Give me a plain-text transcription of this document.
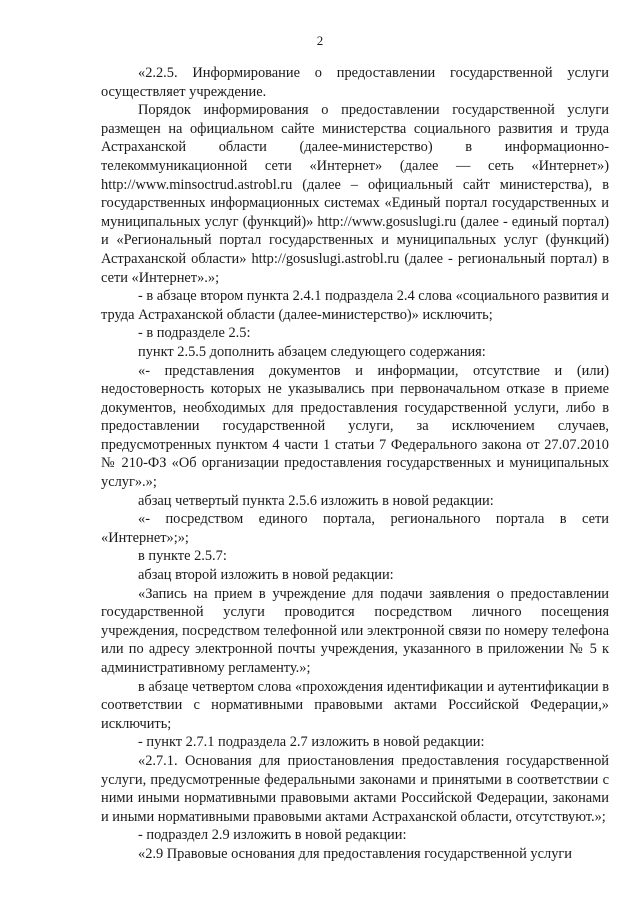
2

«2.2.5. Информирование о предоставлении государственной услуги осуществляет учреждение.

Порядок информирования о предоставлении государственной услуги размещен на официальном сайте министерства социального развития и труда Астраханской области (далее-министерство) в информационно-телекоммуникационной сети «Интернет» (далее — сеть «Интернет») http://www.minsoctrud.astrobl.ru (далее – официальный сайт министерства), в государственных информационных системах «Единый портал государственных и муниципальных услуг (функций)» http://www.gosuslugi.ru (далее - единый портал) и «Региональный портал государственных и муниципальных услуг (функций) Астраханской области» http://gosuslugi.astrobl.ru (далее - региональный портал) в сети «Интернет».»;

- в абзаце втором пункта 2.4.1 подраздела 2.4 слова «социального развития и труда Астраханской области (далее-министерство)» исключить;

- в подразделе 2.5:

пункт 2.5.5 дополнить абзацем следующего содержания:

«- представления документов и информации, отсутствие и (или) недостоверность которых не указывались при первоначальном отказе в приеме документов, необходимых для предоставления государственной услуги, либо в предоставлении государственной услуги, за исключением случаев, предусмотренных пунктом 4 части 1 статьи 7 Федерального закона от 27.07.2010 № 210-ФЗ «Об организации предоставления государственных и муниципальных услуг».»;

абзац четвертый пункта 2.5.6 изложить в новой редакции:

«- посредством единого портала, регионального портала в сети «Интернет»;»;

в пункте 2.5.7:

абзац второй изложить в новой редакции:

«Запись на прием в учреждение для подачи заявления о предоставлении государственной услуги проводится посредством личного посещения учреждения, посредством телефонной или электронной связи по номеру телефона или по адресу электронной почты учреждения, указанного в приложении № 5 к административному регламенту.»;

в абзаце четвертом слова «прохождения идентификации и аутентификации в соответствии с нормативными правовыми актами Российской Федерации,» исключить;

- пункт 2.7.1 подраздела 2.7 изложить в новой редакции:

«2.7.1. Основания для приостановления предоставления государственной услуги, предусмотренные федеральными законами и принятыми в соответствии с ними иными нормативными правовыми актами Российской Федерации, законами и иными нормативными правовыми актами Астраханской области, отсутствуют.»;

- подраздел 2.9 изложить в новой редакции:

«2.9 Правовые основания для предоставления государственной услуги
